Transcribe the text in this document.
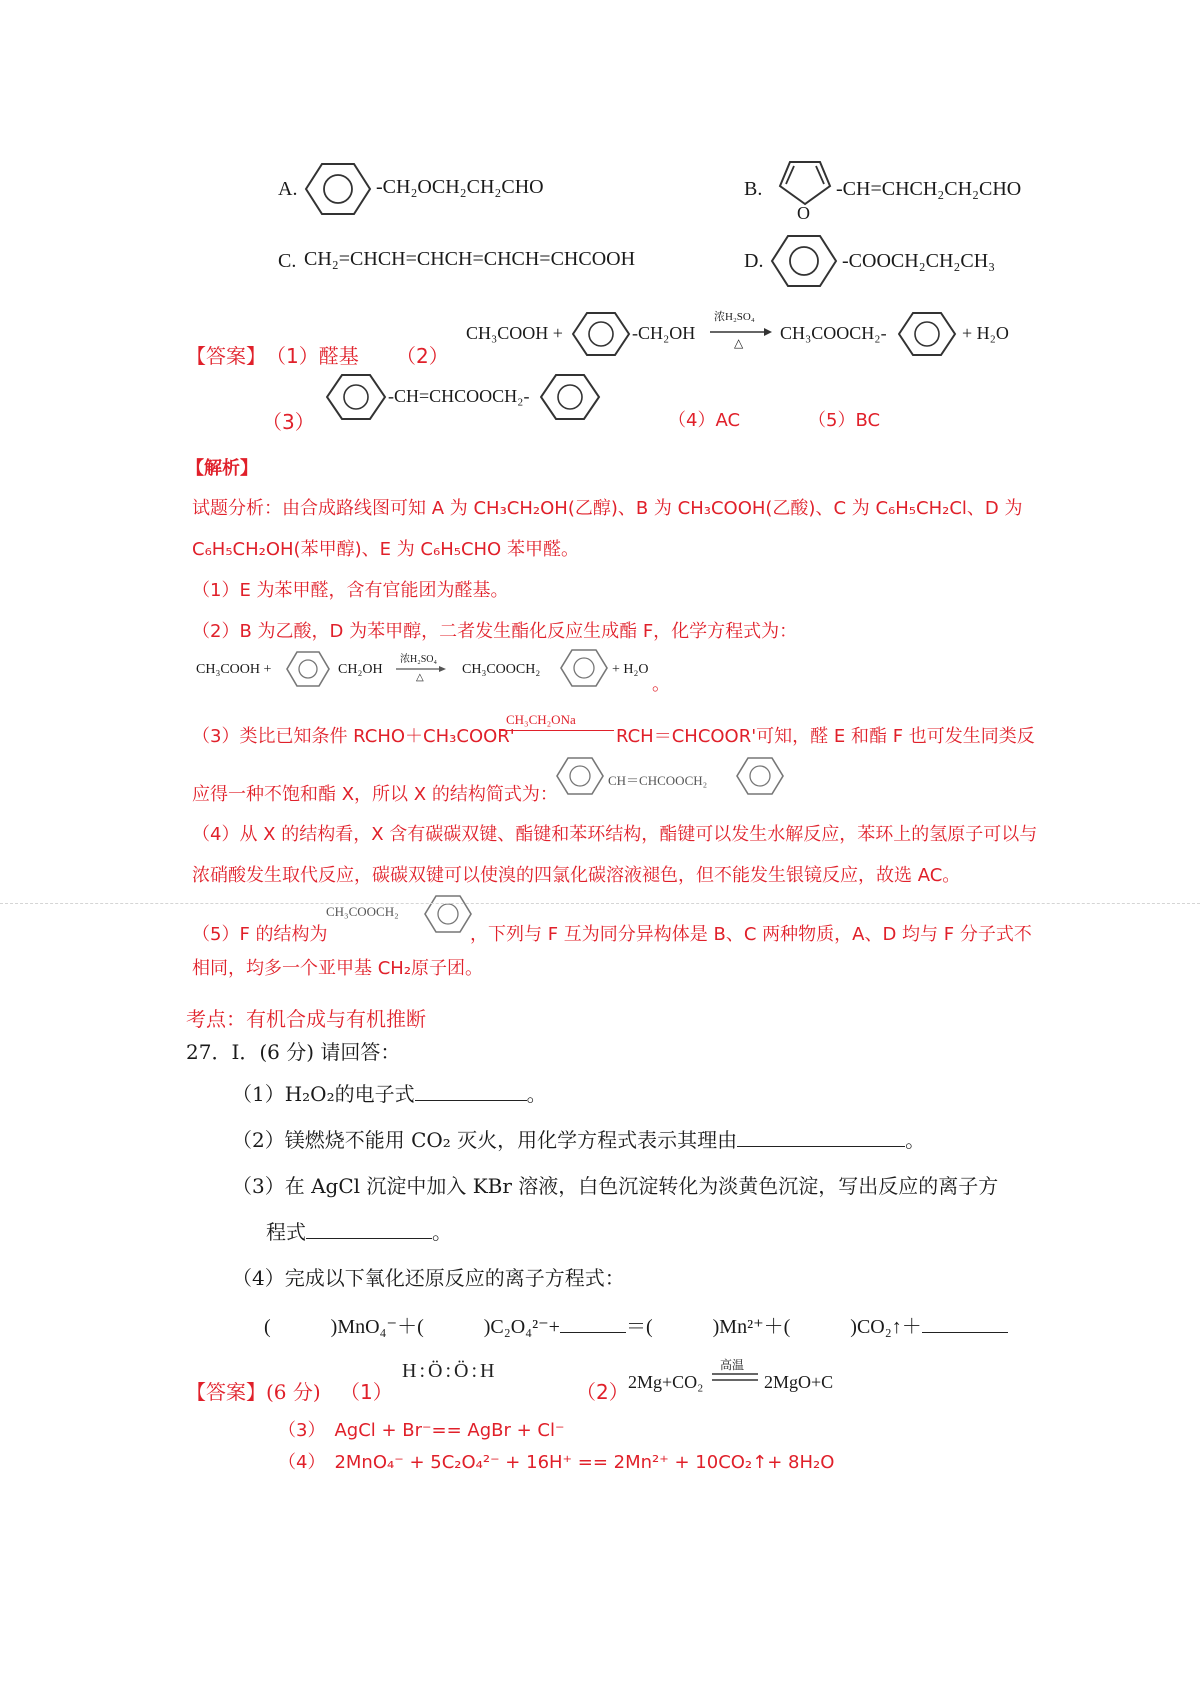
A.	-CH₂OCH₂CH₂CHO	B.
O
-CH=CHCH₂CH₂CHO
C. CH₂=CHCH=CHCH=CHCH=CHCOOH	D.	-COOCH₂CH₂CH₃
【答案】 （1）醛基 （2）
CH₃COOH +	-CH₂OH
浓H₂SO₄
△ CH₃COOCH₂-	+ H₂O
（3）
-CH=CHCOOCH₂-
（4）AC	（5）BC
【解析】
试题分析：由合成路线图可知 A 为 CH₃CH₂OH(乙醇)、B 为 CH₃COOH(乙酸)、C 为 C₆H₅CH₂Cl、D 为
C₆H₅CH₂OH(苯甲醇)、E 为 C₆H₅CHO 苯甲醛。
（1）E 为苯甲醛，含有官能团为醛基。
（2）B 为乙酸，D 为苯甲醇，二者发生酯化反应生成酯 F，化学方程式为：
CH₃COOH +	CH₂OH
浓H₂SO₄
△
CH₃COOCH₂	+ H₂O
。
（3）类比已知条件 RCHO＋CH₃COOR'
CH₃CH₂ONa
RCH＝CHCOOR'可知，醛 E 和酯 F 也可发生同类反
应得一种不饱和酯 X，所以 X 的结构简式为：
CH＝CHCOOCH₂
（4）从 X 的结构看，X 含有碳碳双键、酯键和苯环结构，酯键可以发生水解反应，苯环上的氢原子可以与
浓硝酸发生取代反应，碳碳双键可以使溴的四氯化碳溶液褪色，但不能发生银镜反应，故选 AC。
（5）F 的结构为
CH₃COOCH₂
，下列与 F 互为同分异构体是 B、C 两种物质，A、D 均与 F 分子式不
相同，均多一个亚甲基 CH₂原子团。
考点：有机合成与有机推断
27．Ⅰ．(6 分) 请回答：
（1）H₂O₂的电子式	。
（2）镁燃烧不能用 CO₂ 灭火，用化学方程式表示其理由	。
（3）在 AgCl 沉淀中加入 KBr 溶液，白色沉淀转化为淡黄色沉淀，写出反应的离子方
程式	。
（4）完成以下氧化还原反应的离子方程式：
(　　　)MnO₄⁻＋(　　　)C₂O₄²⁻+	＝(　　　)Mn²⁺＋(　　　)CO₂↑＋
【答案】 (6 分) （1）
H:Ö:Ö:H
（2） 2Mg+CO₂
高温
2MgO+C
（3）　AgCl + Br⁻== AgBr + Cl⁻
（4）　2MnO₄⁻ + 5C₂O₄²⁻ + 16H⁺ == 2Mn²⁺ + 10CO₂↑+ 8H₂O
